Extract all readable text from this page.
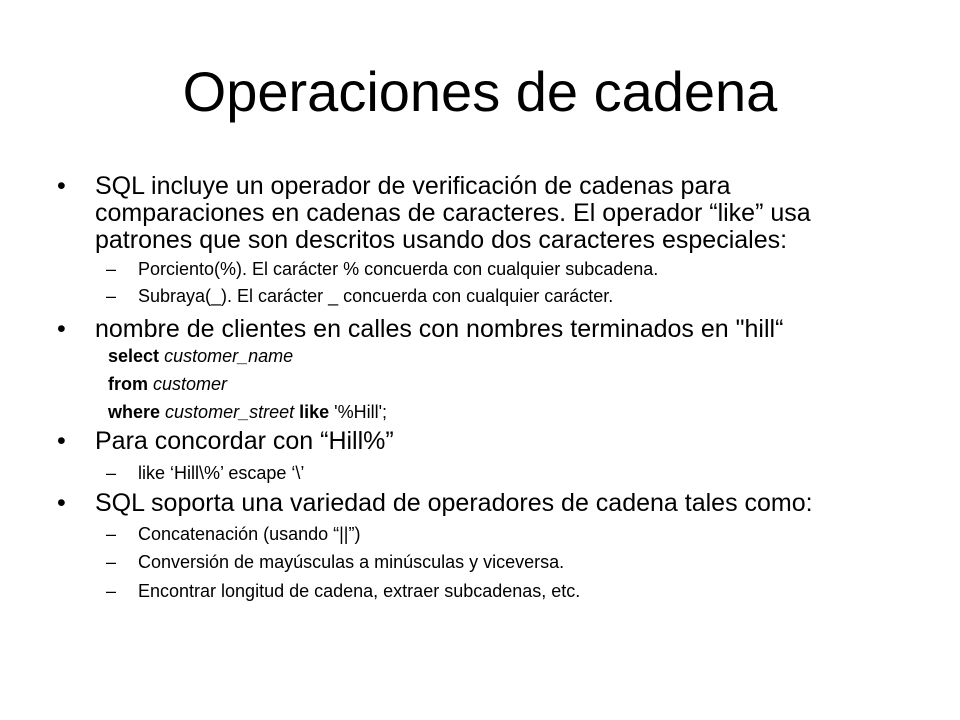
Operaciones de cadena
• SQL incluye un operador de verificación de cadenas para comparaciones en cadenas de caracteres. El operador “like” usa patrones que son descritos usando dos caracteres especiales:
– Porciento(%). El carácter % concuerda con cualquier subcadena.
– Subraya(_). El carácter _ concuerda con cualquier carácter.
• nombre de clientes en calles con nombres terminados en "hill“
select customer_name
from customer
where customer_street like '%Hill';
• Para concordar con “Hill%”
– like ‘Hill\%’ escape ‘\’
• SQL soporta una variedad de operadores de cadena tales como:
– Concatenación (usando “||”)
– Conversión de mayúsculas a minúsculas y viceversa.
– Encontrar longitud de cadena, extraer subcadenas, etc.
